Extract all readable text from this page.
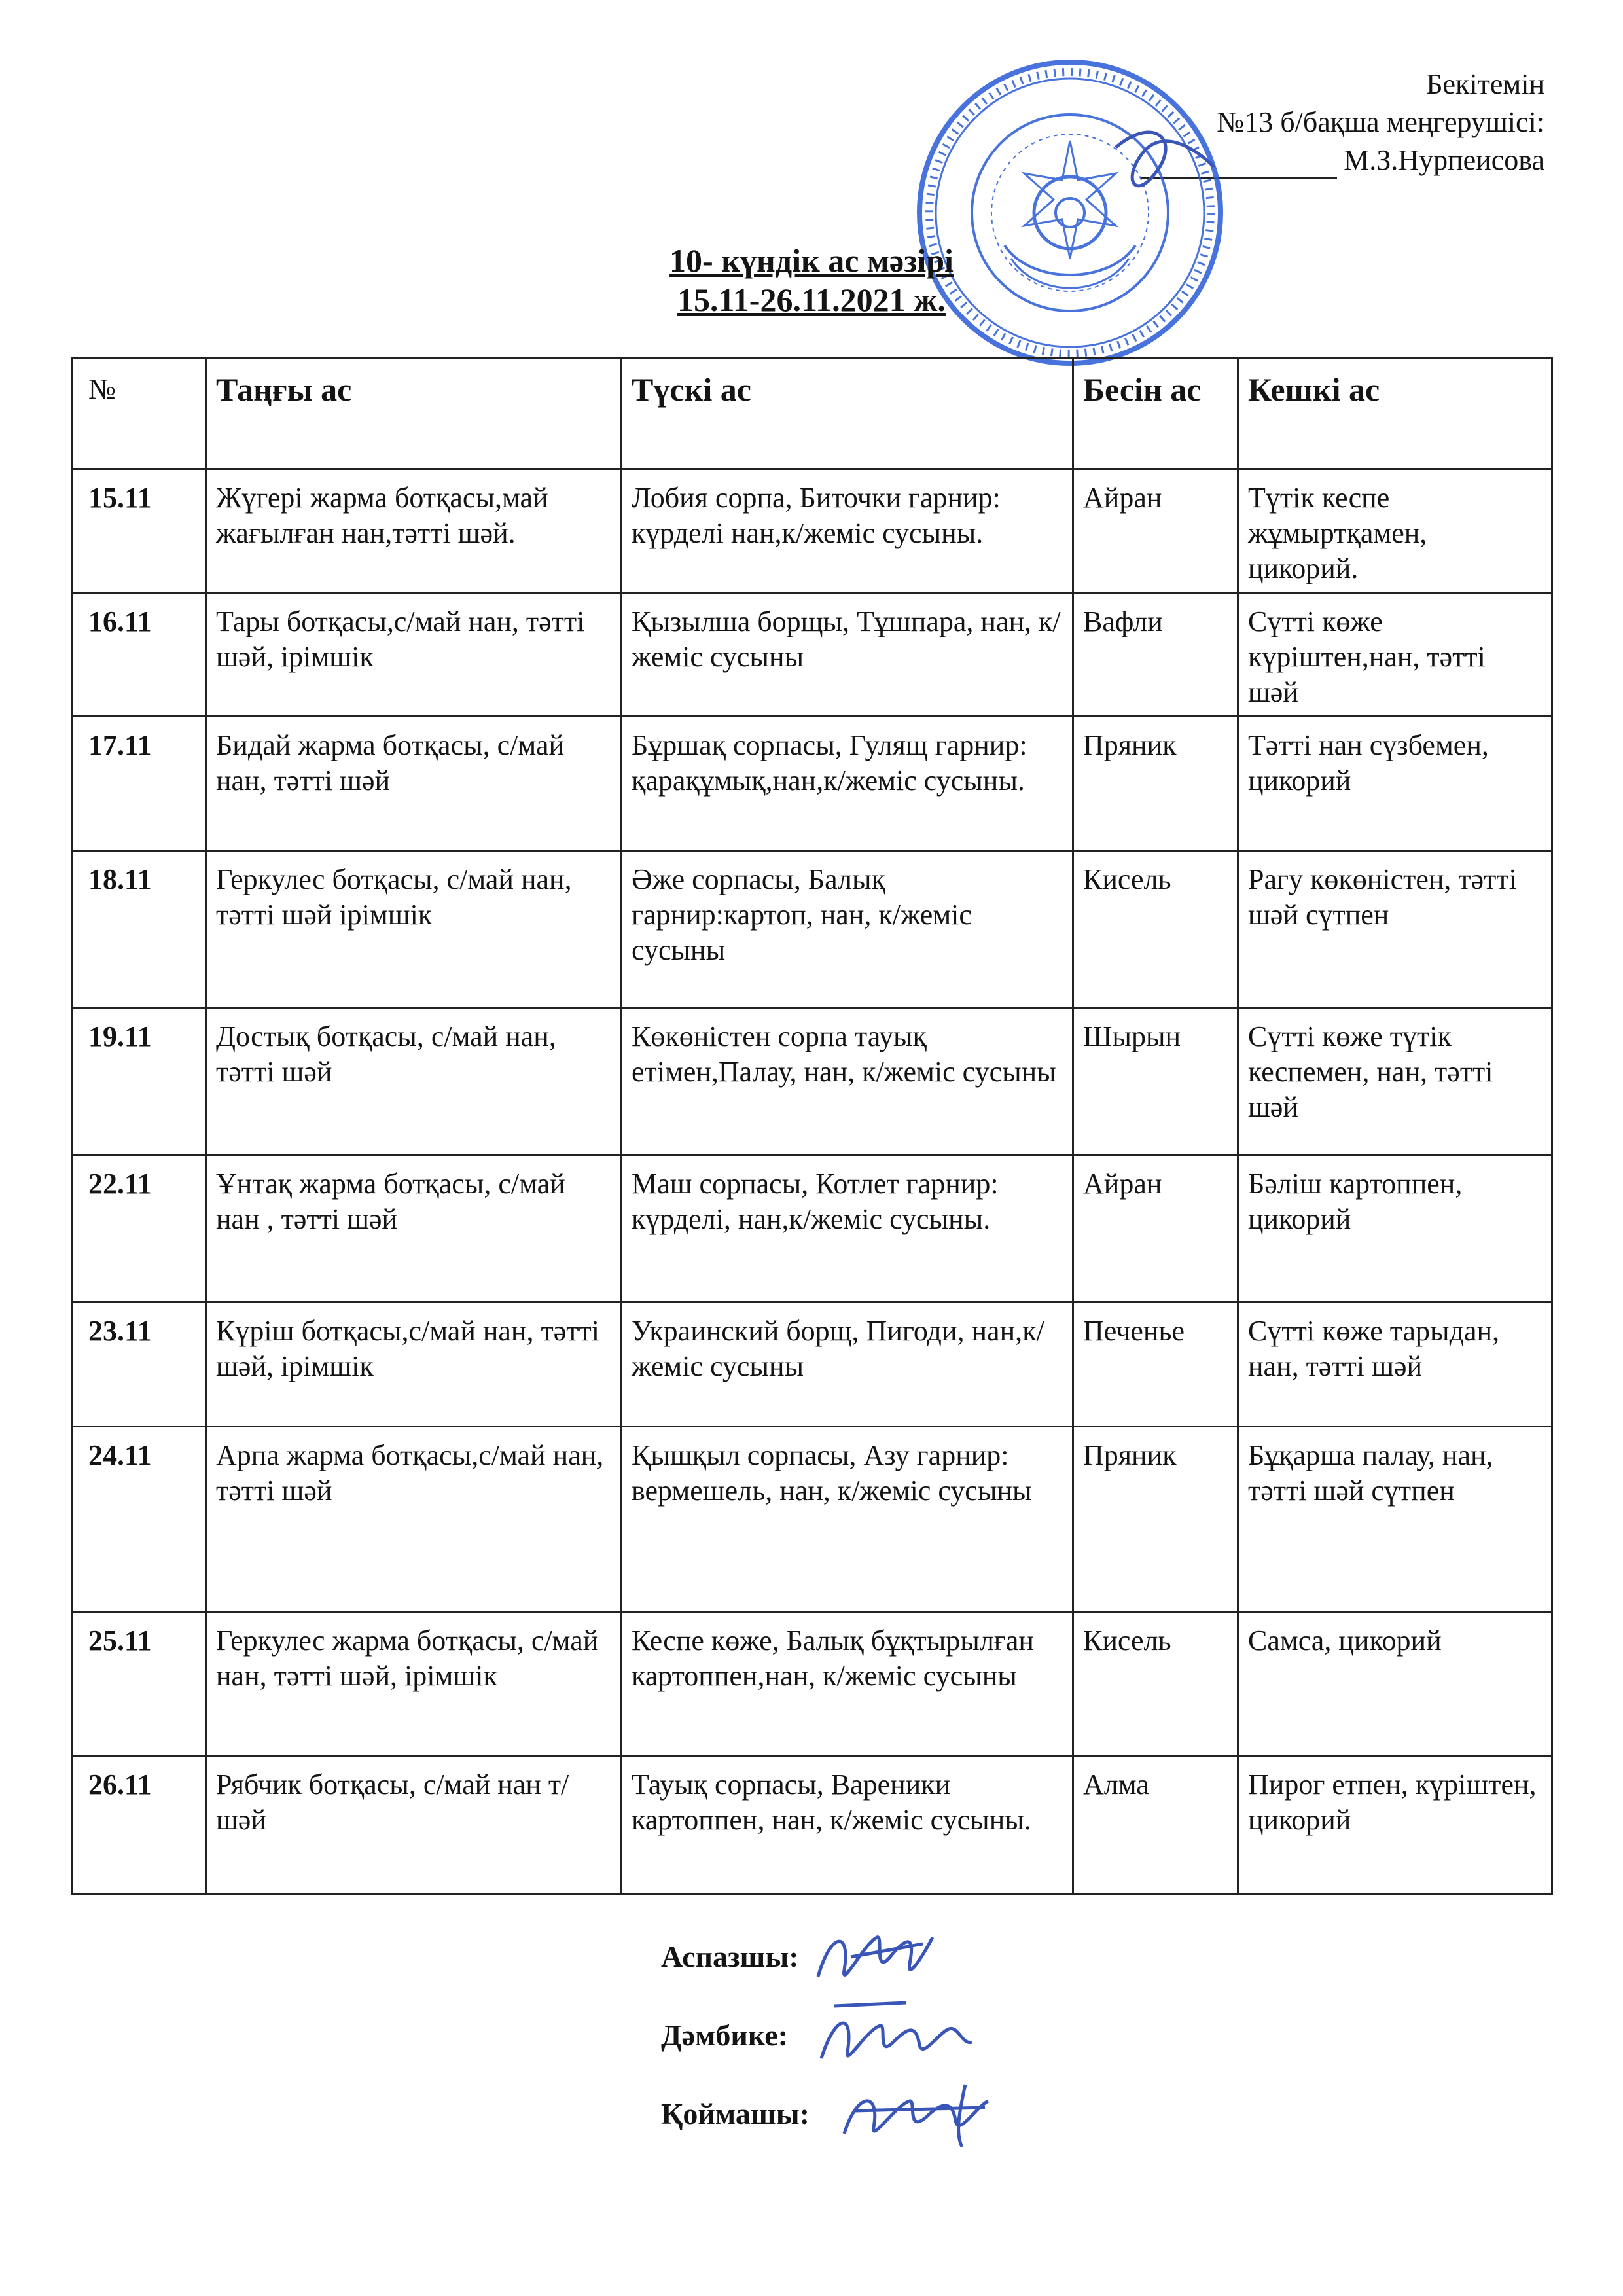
Бекітемін
№13 б/бақша меңгерушісі:
М.З.Нурпеисова
10- күндік ас мәзірі
15.11-26.11.2021 ж.
№	Таңғы ас	Түскі ас	Бесін ас	Кешкі ас
15.11	Жүгері жарма ботқасы,май жағылған нан,тәтті шәй.	Лобия сорпа, Биточки гарнир: күрделі нан,к/жеміс сусыны.	Айран	Түтік кеспе жұмыртқамен, цикорий.
16.11	Тары ботқасы,с/май нан, тәтті шәй, ірімшік	Қызылша борщы, Тұшпара, нан, к/жеміс сусыны	Вафли	Сүтті көже күріштен,нан, тәтті шәй
17.11	Бидай жарма ботқасы, с/май нан, тәтті шәй	Бұршақ сорпасы, Гулящ гарнир: қарақұмық,нан,к/жеміс сусыны.	Пряник	Тәтті нан сүзбемен, цикорий
18.11	Геркулес ботқасы, с/май нан, тәтті шәй ірімшік	Әже сорпасы, Балық гарнир:картоп, нан, к/жеміс сусыны	Кисель	Рагу көкөністен, тәтті шәй сүтпен
19.11	Достық ботқасы, с/май нан, тәтті шәй	Көкөністен сорпа тауық етімен,Палау, нан, к/жеміс сусыны	Шырын	Сүтті көже түтік кеспемен, нан, тәтті шәй
22.11	Ұнтақ жарма ботқасы, с/май нан , тәтті шәй	Маш сорпасы, Котлет гарнир: күрделі, нан,к/жеміс сусыны.	Айран	Бәліш картоппен, цикорий
23.11	Күріш ботқасы,с/май нан, тәтті шәй, ірімшік	Украинский борщ, Пигоди, нан,к/жеміс сусыны	Печенье	Сүтті көже тарыдан, нан, тәтті шәй
24.11	Арпа жарма ботқасы,с/май нан, тәтті шәй	Қышқыл сорпасы, Азу гарнир: вермешель, нан, к/жеміс сусыны	Пряник	Бұқарша палау, нан, тәтті шәй сүтпен
25.11	Геркулес жарма ботқасы, с/май нан, тәтті шәй, ірімшік	Кеспе көже, Балық бұқтырылған картоппен,нан, к/жеміс сусыны	Кисель	Самса, цикорий
26.11	Рябчик ботқасы, с/май нан т/шәй	Тауық сорпасы, Вареники картоппен, нан, к/жеміс сусыны.	Алма	Пирог етпен, күріштен, цикорий
Аспазшы:
Дәмбике:
Қоймашы:
